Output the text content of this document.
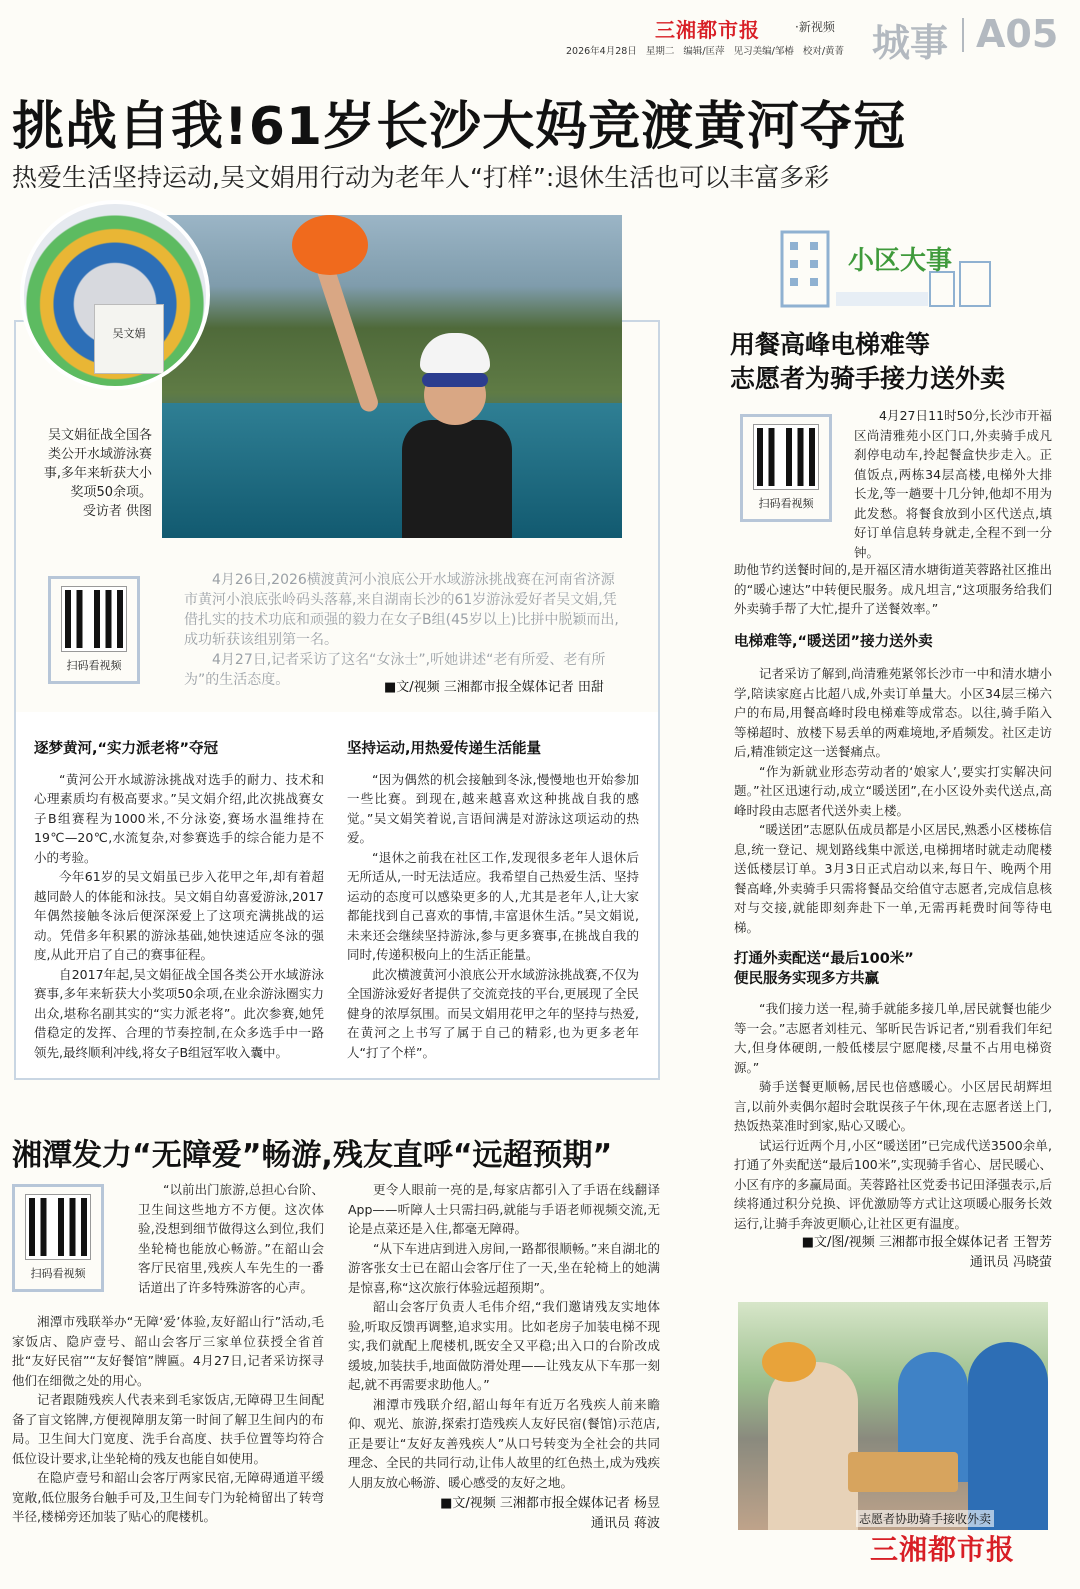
三湘都市报	·新视频 城事 A05
2026年4月28日 星期二 编辑/匡萍 见习美编/邹椿 校对/黄菁
挑战自我!61岁长沙大妈竞渡黄河夺冠
热爱生活坚持运动,吴文娟用行动为老年人“打样”:退休生活也可以丰富多彩
吴文娟
吴文娟征战全国各类公开水域游泳赛事,多年来斩获大小奖项50余项。
受访者 供图
扫码看视频

4月26日,2026横渡黄河小浪底公开水域游泳挑战赛在河南省济源市黄河小浪底张岭码头落幕,来自湖南长沙的61岁游泳爱好者吴文娟,凭借扎实的技术功底和顽强的毅力在女子B组(45岁以上)比拼中脱颖而出,成功斩获该组别第一名。

4月27日,记者采访了这名“女泳士”,听她讲述“老有所爱、老有所为”的生活态度。	■文/视频 三湘都市报全媒体记者 田甜
逐梦黄河,“实力派老将”夺冠

“黄河公开水域游泳挑战对选手的耐力、技术和心理素质均有极高要求。”吴文娟介绍,此次挑战赛女子B组赛程为1000米,不分泳姿,赛场水温维持在19℃—20℃,水流复杂,对参赛选手的综合能力是不小的考验。

今年61岁的吴文娟虽已步入花甲之年,却有着超越同龄人的体能和泳技。吴文娟自幼喜爱游泳,2017年偶然接触冬泳后便深深爱上了这项充满挑战的运动。凭借多年积累的游泳基础,她快速适应冬泳的强度,从此开启了自己的赛事征程。

自2017年起,吴文娟征战全国各类公开水域游泳赛事,多年来斩获大小奖项50余项,在业余游泳圈实力出众,堪称名副其实的“实力派老将”。此次参赛,她凭借稳定的发挥、合理的节奏控制,在众多选手中一路领先,最终顺利冲线,将女子B组冠军收入囊中。

坚持运动,用热爱传递生活能量

“因为偶然的机会接触到冬泳,慢慢地也开始参加一些比赛。到现在,越来越喜欢这种挑战自我的感觉。”吴文娟笑着说,言语间满是对游泳这项运动的热爱。

“退休之前我在社区工作,发现很多老年人退休后无所适从,一时无法适应。我希望自己热爱生活、坚持运动的态度可以感染更多的人,尤其是老年人,让大家都能找到自己喜欢的事情,丰富退休生活。”吴文娟说,未来还会继续坚持游泳,参与更多赛事,在挑战自我的同时,传递积极向上的生活正能量。

此次横渡黄河小浪底公开水域游泳挑战赛,不仅为全国游泳爱好者提供了交流竞技的平台,更展现了全民健身的浓厚氛围。而吴文娟用花甲之年的坚持与热爱,在黄河之上书写了属于自己的精彩,也为更多老年人“打了个样”。

湘潭发力“无障爱”畅游,残友直呼“远超预期”
扫码看视频

“以前出门旅游,总担心台阶、卫生间这些地方不方便。这次体验,没想到细节做得这么到位,我们坐轮椅也能放心畅游。”在韶山会客厅民宿里,残疾人车先生的一番话道出了许多特殊游客的心声。

湘潭市残联举办“无障‘爱’体验,友好韶山行”活动,毛家饭店、隐庐壹号、韶山会客厅三家单位获授全省首批“友好民宿”“友好餐馆”牌匾。4月27日,记者采访探寻他们在细微之处的用心。

记者跟随残疾人代表来到毛家饭店,无障碍卫生间配备了盲文铭牌,方便视障朋友第一时间了解卫生间内的布局。卫生间大门宽度、洗手台高度、扶手位置等均符合低位设计要求,让坐轮椅的残友也能自如使用。

在隐庐壹号和韶山会客厅两家民宿,无障碍通道平缓宽敞,低位服务台触手可及,卫生间专门为轮椅留出了转弯半径,楼梯旁还加装了贴心的爬楼机。

更令人眼前一亮的是,每家店都引入了手语在线翻译App——听障人士只需扫码,就能与手语老师视频交流,无论是点菜还是入住,都毫无障碍。

“从下车进店到进入房间,一路都很顺畅。”来自湖北的游客张女士已在韶山会客厅住了一天,坐在轮椅上的她满是惊喜,称“这次旅行体验远超预期”。

韶山会客厅负责人毛伟介绍,“我们邀请残友实地体验,听取反馈再调整,追求实用。比如老房子加装电梯不现实,我们就配上爬楼机,既安全又平稳;出入口的台阶改成缓坡,加装扶手,地面做防滑处理——让残友从下车那一刻起,就不再需要求助他人。”

湘潭市残联介绍,韶山每年有近万名残疾人前来瞻仰、观光、旅游,探索打造残疾人友好民宿(餐馆)示范店,正是要让“友好友善残疾人”从口号转变为全社会的共同理念、全民的共同行动,让伟人故里的红色热土,成为残疾人朋友放心畅游、暖心感受的友好之地。

■文/视频 三湘都市报全媒体记者 杨昱
通讯员 蒋波
小区大事
用餐高峰电梯难等
志愿者为骑手接力送外卖
扫码看视频

4月27日11时50分,长沙市开福区尚清雅苑小区门口,外卖骑手成凡刹停电动车,拎起餐盒快步走入。正值饭点,两栋34层高楼,电梯外大排长龙,等一趟要十几分钟,他却不用为此发愁。将餐食放到小区代送点,填好订单信息转身就走,全程不到一分钟。

助他节约送餐时间的,是开福区清水塘街道芙蓉路社区推出的“暖心速达”中转便民服务。成凡坦言,“这项服务给我们外卖骑手帮了大忙,提升了送餐效率。”

电梯难等,“暖送团”接力送外卖

记者采访了解到,尚清雅苑紧邻长沙市一中和清水塘小学,陪读家庭占比超八成,外卖订单量大。小区34层三梯六户的布局,用餐高峰时段电梯难等成常态。以往,骑手陷入等梯超时、放楼下易丢单的两难境地,矛盾频发。社区走访后,精准锁定这一送餐痛点。

“作为新就业形态劳动者的‘娘家人’,要实打实解决问题。”社区迅速行动,成立“暖送团”,在小区设外卖代送点,高峰时段由志愿者代送外卖上楼。

“暖送团”志愿队伍成员都是小区居民,熟悉小区楼栋信息,统一登记、规划路线集中派送,电梯拥堵时就走动爬楼送低楼层订单。3月3日正式启动以来,每日午、晚两个用餐高峰,外卖骑手只需将餐品交给值守志愿者,完成信息核对与交接,就能即刻奔赴下一单,无需再耗费时间等待电梯。

打通外卖配送“最后100米”
便民服务实现多方共赢

“我们接力送一程,骑手就能多接几单,居民就餐也能少等一会。”志愿者刘桂元、邹昕民告诉记者,“别看我们年纪大,但身体硬朗,一般低楼层宁愿爬楼,尽量不占用电梯资源。”

骑手送餐更顺畅,居民也倍感暖心。小区居民胡辉坦言,以前外卖偶尔超时会耽误孩子午休,现在志愿者送上门,热饭热菜准时到家,贴心又暖心。

试运行近两个月,小区“暖送团”已完成代送3500余单,打通了外卖配送“最后100米”,实现骑手省心、居民暖心、小区有序的多赢局面。芙蓉路社区党委书记田泽强表示,后续将通过积分兑换、评优激励等方式让这项暖心服务长效运行,让骑手奔波更顺心,让社区更有温度。

■文/图/视频 三湘都市报全媒体记者 王智芳
通讯员 冯晓萤
志愿者协助骑手接收外卖
三湘都市报
